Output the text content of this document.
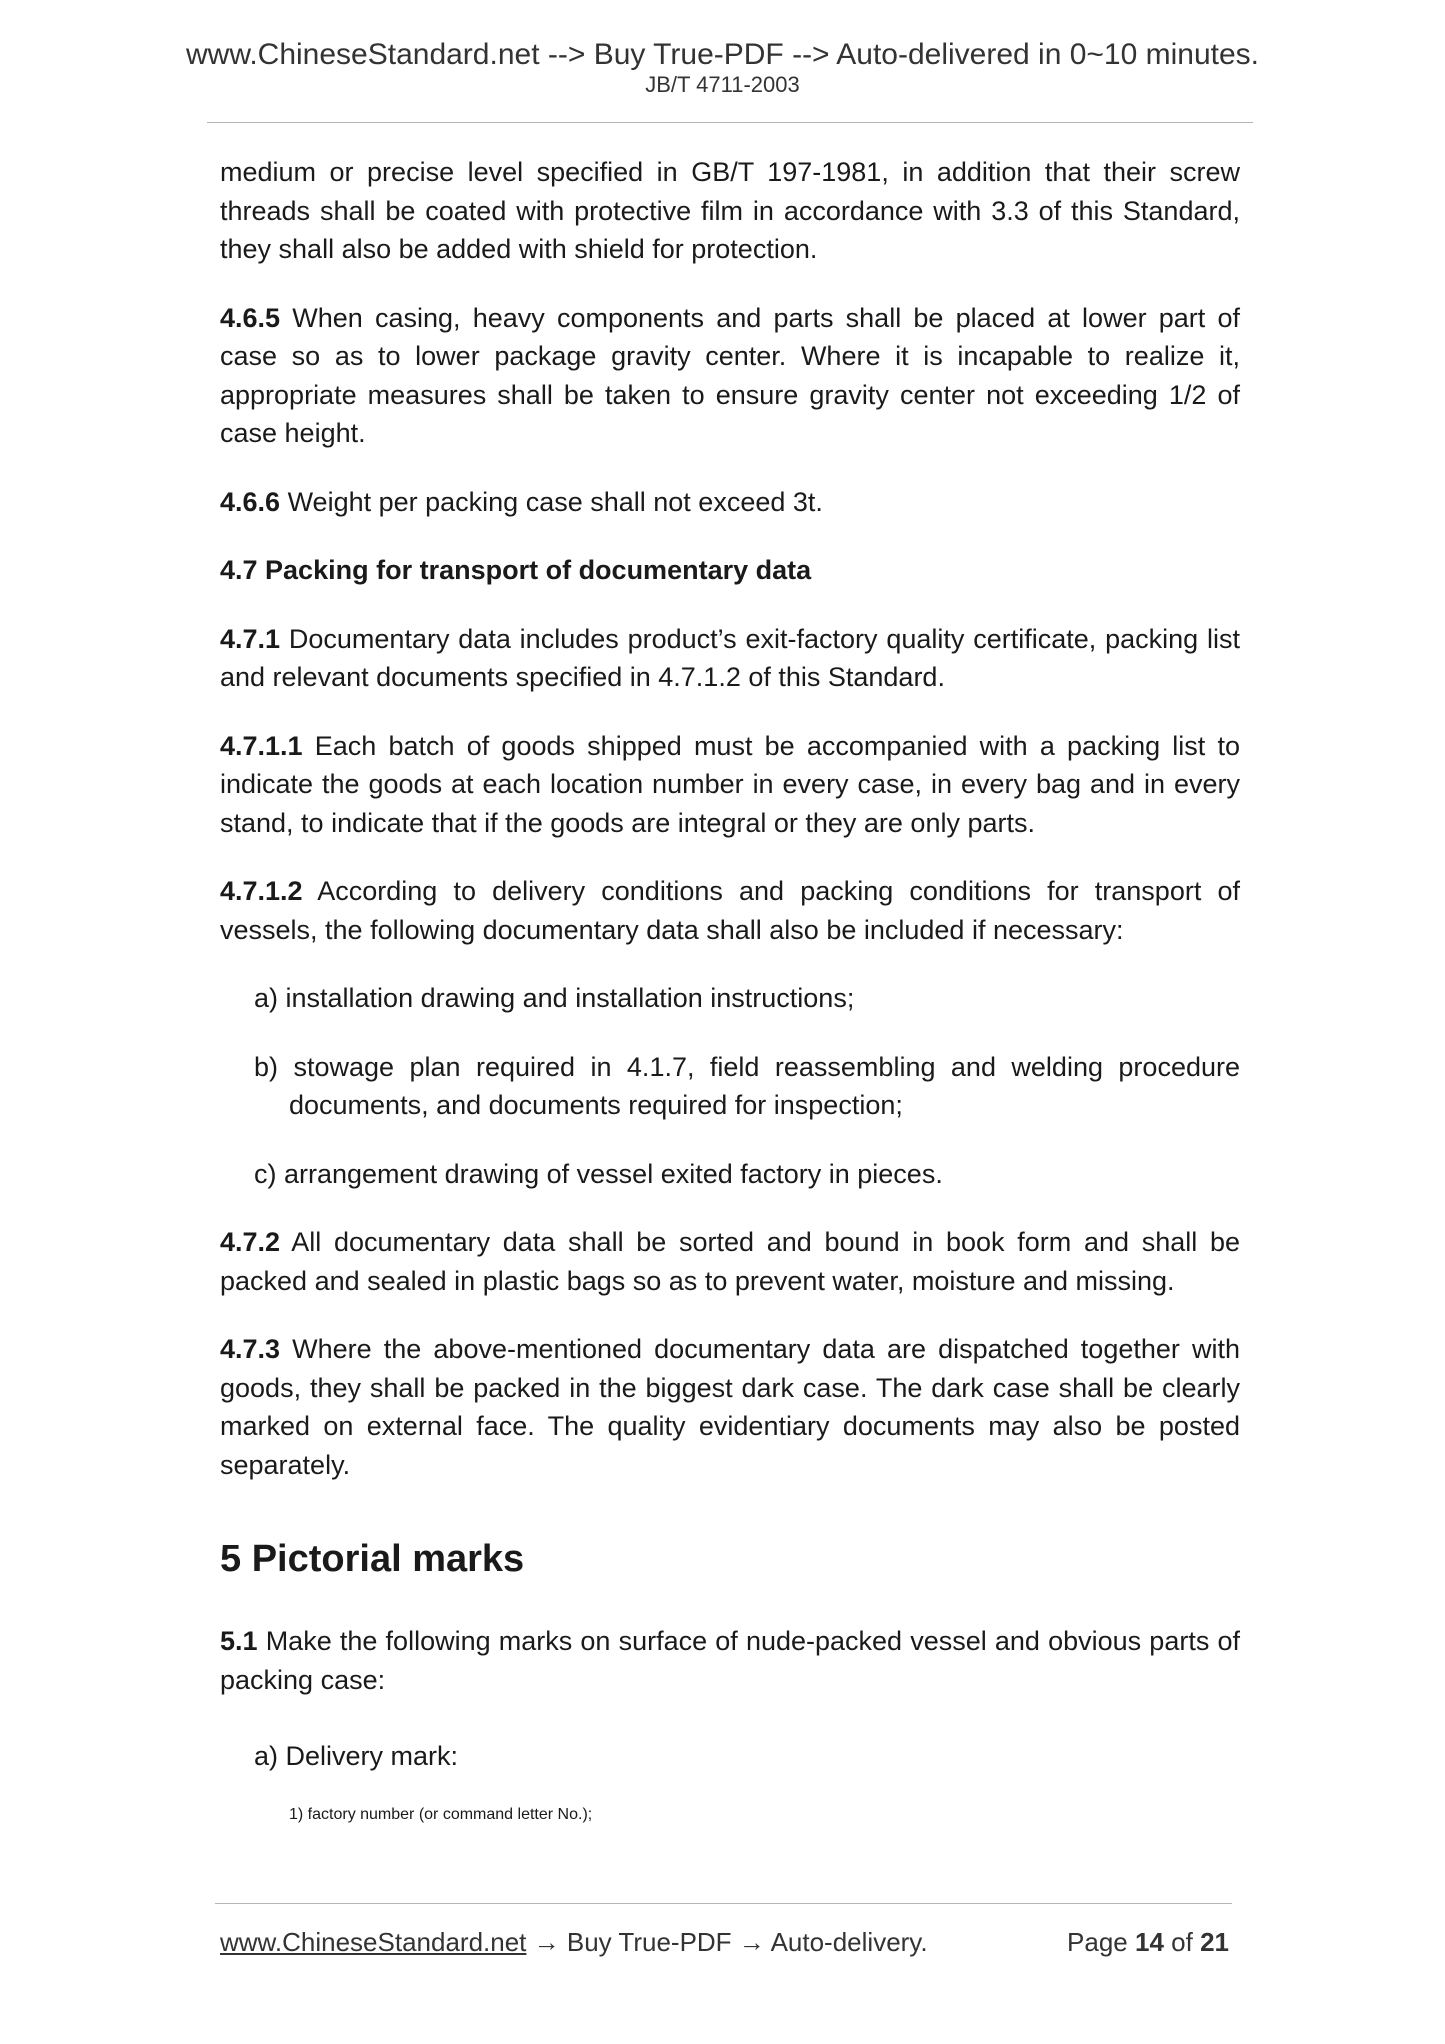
www.ChineseStandard.net --> Buy True-PDF --> Auto-delivered in 0~10 minutes.
JB/T 4711-2003

medium or precise level specified in GB/T 197-1981, in addition that their screw threads shall be coated with protective film in accordance with 3.3 of this Standard, they shall also be added with shield for protection.

4.6.5 When casing, heavy components and parts shall be placed at lower part of case so as to lower package gravity center. Where it is incapable to realize it, appropriate measures shall be taken to ensure gravity center not exceeding 1/2 of case height.

4.6.6 Weight per packing case shall not exceed 3t.

4.7 Packing for transport of documentary data

4.7.1 Documentary data includes product’s exit-factory quality certificate, packing list and relevant documents specified in 4.7.1.2 of this Standard.

4.7.1.1 Each batch of goods shipped must be accompanied with a packing list to indicate the goods at each location number in every case, in every bag and in every stand, to indicate that if the goods are integral or they are only parts.

4.7.1.2 According to delivery conditions and packing conditions for transport of vessels, the following documentary data shall also be included if necessary:

a) installation drawing and installation instructions;
b) stowage plan required in 4.1.7, field reassembling and welding procedure documents, and documents required for inspection;
c) arrangement drawing of vessel exited factory in pieces.

4.7.2 All documentary data shall be sorted and bound in book form and shall be packed and sealed in plastic bags so as to prevent water, moisture and missing.

4.7.3 Where the above-mentioned documentary data are dispatched together with goods, they shall be packed in the biggest dark case. The dark case shall be clearly marked on external face. The quality evidentiary documents may also be posted separately.

5 Pictorial marks

5.1 Make the following marks on surface of nude-packed vessel and obvious parts of packing case:

a) Delivery mark:
1) factory number (or command letter No.);
www.ChineseStandard.net → Buy True-PDF → Auto-delivery.	Page 14 of 21
